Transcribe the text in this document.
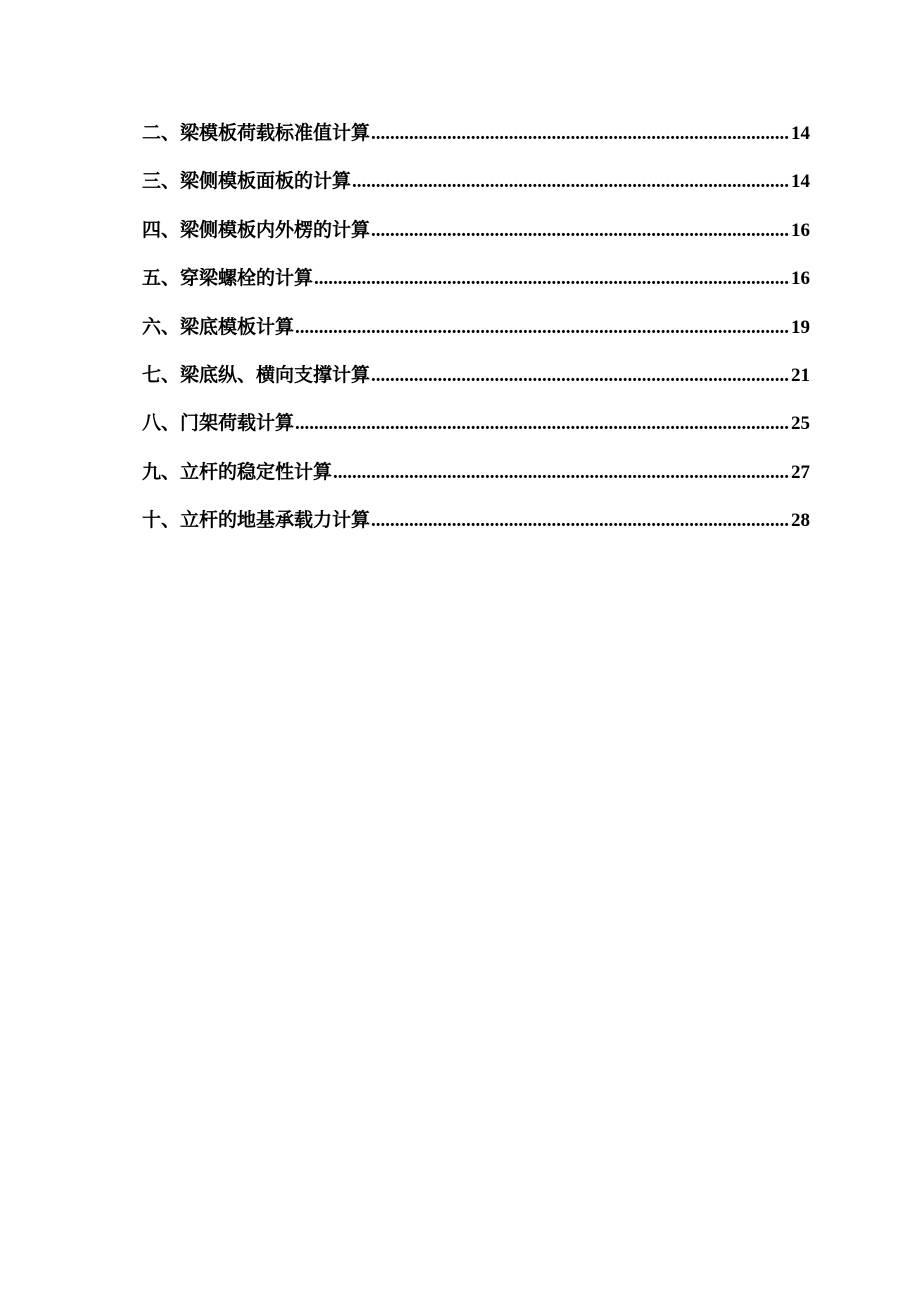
二、梁模板荷载标准值计算 .....	14
三、梁侧模板面板的计算 .....	14
四、梁侧模板内外楞的计算 .....	16
五、穿梁螺栓的计算 .....	16
六、梁底模板计算 .....	19
七、梁底纵、横向支撑计算 .....	21
八、门架荷载计算 .....	25
九、立杆的稳定性计算 .....	27
十、立杆的地基承载力计算 .....	28
